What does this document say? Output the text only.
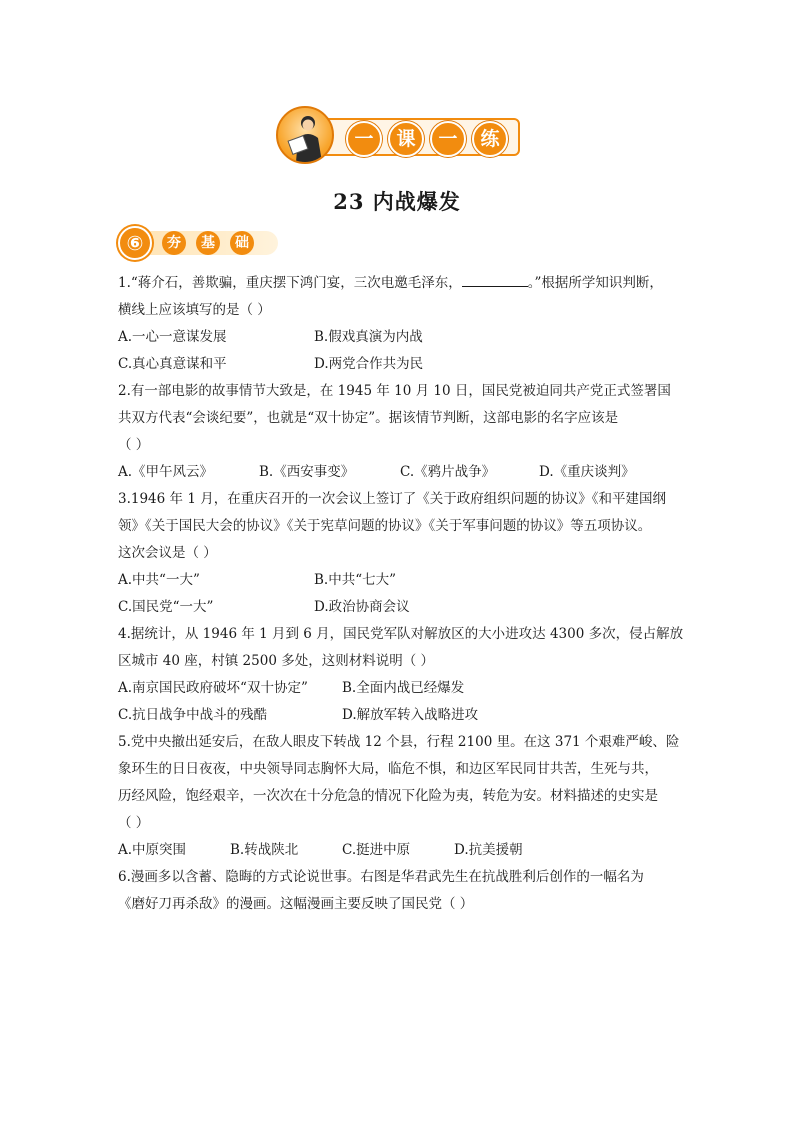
一	课	一	练
23 内战爆发
⑥	夯	基	础
1.“蒋介石，善欺骗，重庆摆下鸿门宴，三次电邀毛泽东，	。”根据所学知识判断，
横线上应该填写的是（ ）
A.一心一意谋发展	B.假戏真演为内战
C.真心真意谋和平	D.两党合作共为民
2.有一部电影的故事情节大致是，在 1945 年 10 月 10 日，国民党被迫同共产党正式签署国
共双方代表“会谈纪要”，也就是“双十协定”。据该情节判断，这部电影的名字应该是
（ ）
A.《甲午风云》	B.《西安事变》	C.《鸦片战争》	D.《重庆谈判》
3.1946 年 1 月，在重庆召开的一次会议上签订了《关于政府组织问题的协议》《和平建国纲
领》《关于国民大会的协议》《关于宪草问题的协议》《关于军事问题的协议》等五项协议。
这次会议是（ ）
A.中共“一大”	B.中共“七大”
C.国民党“一大”	D.政治协商会议
4.据统计，从 1946 年 1 月到 6 月，国民党军队对解放区的大小进攻达 4300 多次，侵占解放
区城市 40 座，村镇 2500 多处，这则材料说明（ ）
A.南京国民政府破坏“双十协定”	B.全面内战已经爆发
C.抗日战争中战斗的残酷	D.解放军转入战略进攻
5.党中央撤出延安后，在敌人眼皮下转战 12 个县，行程 2100 里。在这 371 个艰难严峻、险
象环生的日日夜夜，中央领导同志胸怀大局，临危不惧，和边区军民同甘共苦，生死与共，
历经风险，饱经艰辛，一次次在十分危急的情况下化险为夷，转危为安。材料描述的史实是
（ ）
A.中原突围	B.转战陕北	C.挺进中原	D.抗美援朝
6.漫画多以含蓄、隐晦的方式论说世事。右图是华君武先生在抗战胜利后创作的一幅名为
《磨好刀再杀敌》的漫画。这幅漫画主要反映了国民党（ ）
